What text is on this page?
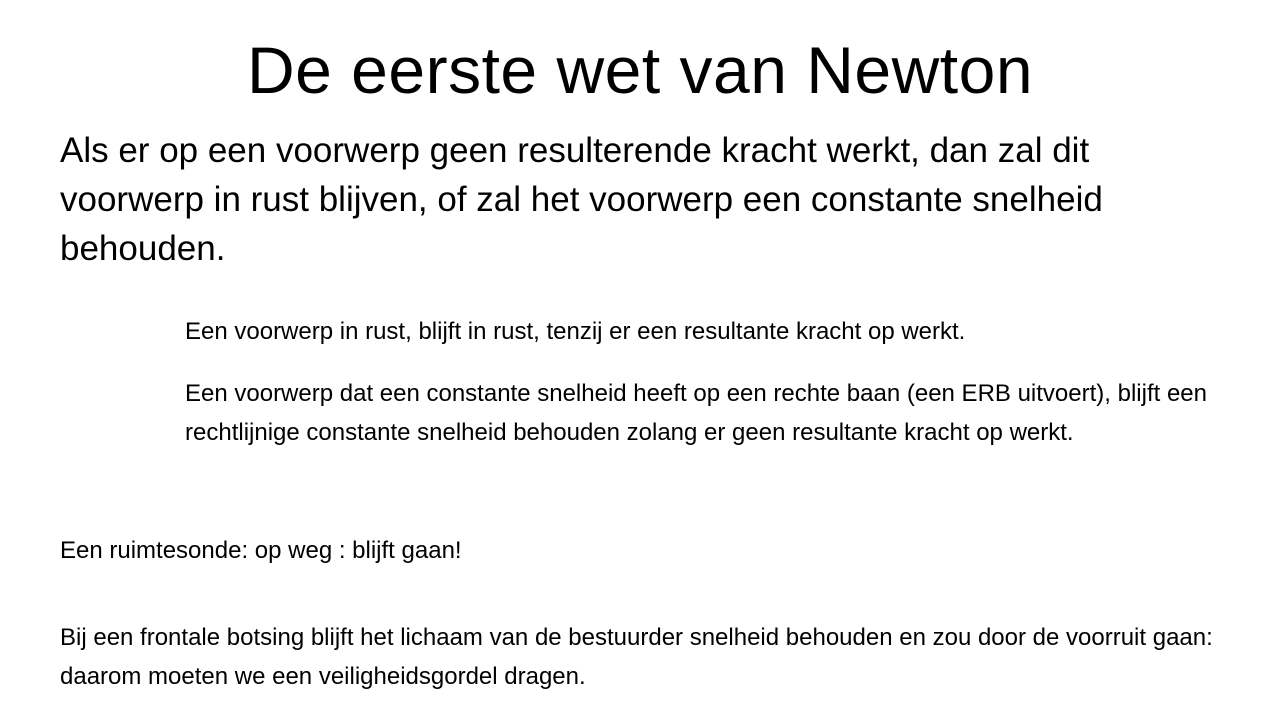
De eerste wet van Newton

Als er op een voorwerp geen resulterende kracht werkt, dan zal dit voorwerp in rust blijven, of zal het voorwerp een constante snelheid behouden.

Een voorwerp in rust, blijft in rust, tenzij er een resultante kracht op werkt.

Een voorwerp dat een constante snelheid heeft op een rechte baan (een ERB uitvoert), blijft een rechtlijnige constante snelheid behouden zolang er geen resultante kracht op werkt.

Een ruimtesonde: op weg : blijft gaan!

Bij een frontale botsing blijft het lichaam van de bestuurder snelheid behouden en zou door de voorruit gaan: daarom moeten we een veiligheidsgordel dragen.
